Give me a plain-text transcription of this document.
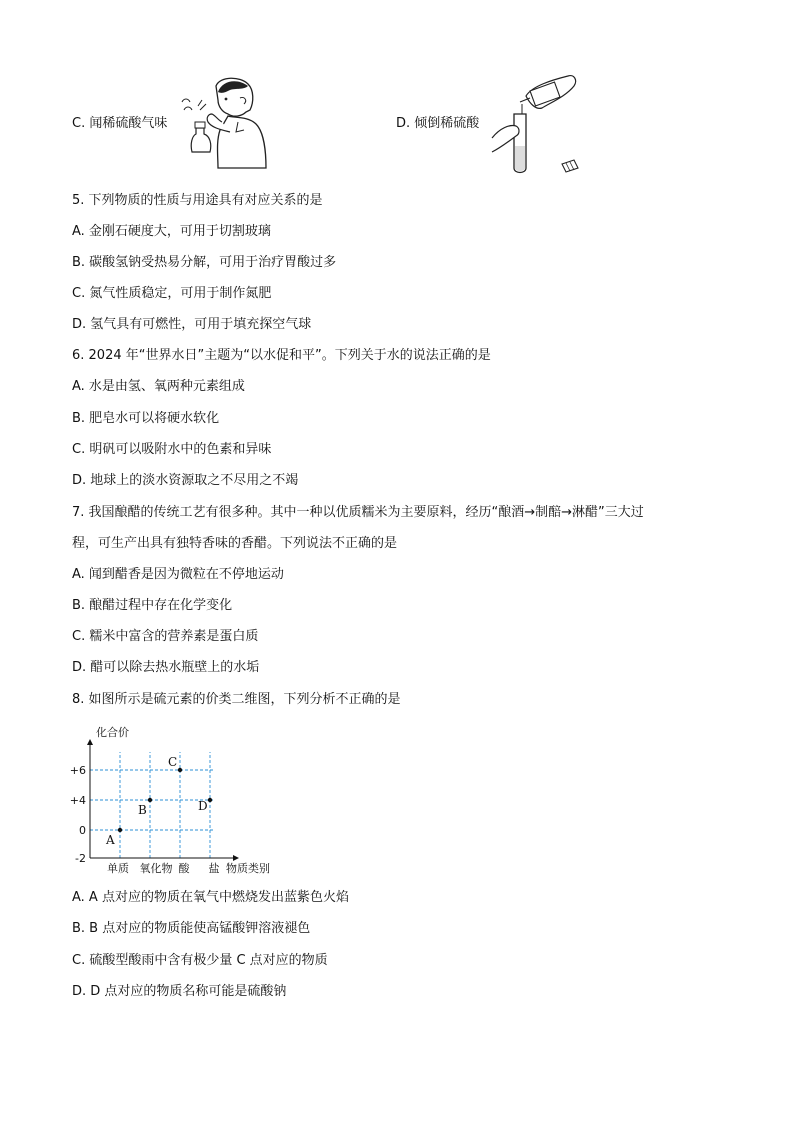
C. 闻稀硫酸气味	D. 倾倒稀硫酸
5. 下列物质的性质与用途具有对应关系的是
A. 金刚石硬度大，可用于切割玻璃
B. 碳酸氢钠受热易分解，可用于治疗胃酸过多
C. 氮气性质稳定，可用于制作氮肥
D. 氢气具有可燃性，可用于填充探空气球
6. 2024 年“世界水日”主题为“以水促和平”。下列关于水的说法正确的是
A. 水是由氢、氧两种元素组成
B. 肥皂水可以将硬水软化
C. 明矾可以吸附水中的色素和异味
D. 地球上的淡水资源取之不尽用之不竭
7. 我国酿醋的传统工艺有很多种。其中一种以优质糯米为主要原料，经历“酿酒→制醅→淋醋”三大过
程，可生产出具有独特香味的香醋。下列说法不正确的是
A. 闻到醋香是因为微粒在不停地运动
B. 酿醋过程中存在化学变化
C. 糯米中富含的营养素是蛋白质
D. 醋可以除去热水瓶壁上的水垢
8. 如图所示是硫元素的价类二维图，下列分析不正确的是
化合价
物质类别
+6
+4
0
-2
单质 氧化物 酸 盐
A
B
C
D
A. A 点对应的物质在氧气中燃烧发出蓝紫色火焰
B. B 点对应的物质能使高锰酸钾溶液褪色
C. 硫酸型酸雨中含有极少量 C 点对应的物质
D. D 点对应的物质名称可能是硫酸钠
